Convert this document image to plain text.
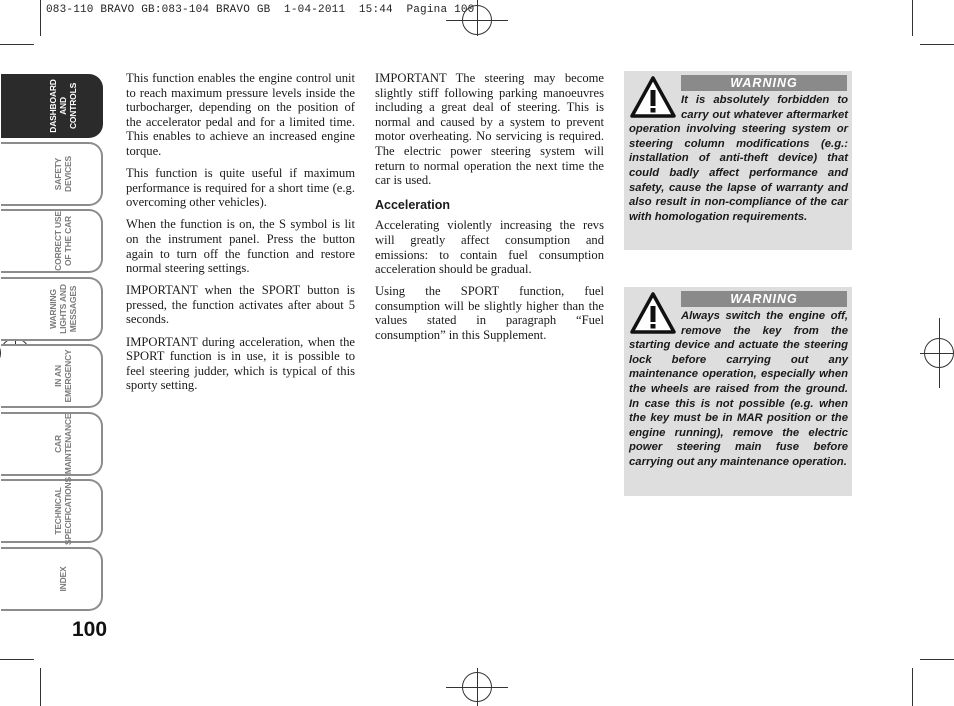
083-110 BRAVO GB:083-104 BRAVO GB  1-04-2011  15:44  Pagina 100
DASHBOARD
AND CONTROLS
SAFETY
DEVICES
CORRECT USE
OF THE CAR
WARNING
LIGHTS AND
MESSAGES
IN AN
EMERGENCY
CAR
MAINTENANCE
TECHNICAL
SPECIFICATIONS
INDEX
100

This function enables the engine control unit to reach maximum pressure levels inside the turbocharger, depending on the position of the accelerator pedal and for a limited time. This enables to achieve an increased engine torque.

This function is quite useful if maximum performance is required for a short time (e.g. overcoming other vehicles).

When the function is on, the S symbol is lit on the instrument panel. Press the button again to turn off the function and restore normal steering settings.

IMPORTANT when the SPORT button is pressed, the function activates after about 5 seconds.

IMPORTANT during acceleration, when the SPORT function is in use, it is possible to feel steering judder, which is typical of this sporty setting.

IMPORTANT The steering may become slightly stiff following parking manoeuvres including a great deal of steering. This is normal and caused by a system to prevent motor overheating. No servicing is required. The electric power steering system will return to normal operation the next time the car is used.

Acceleration

Accelerating violently increasing the revs will greatly affect consumption and emissions: to contain fuel consumption acceleration should be gradual.

Using the SPORT function, fuel consumption will be slightly higher than the values stated in paragraph “Fuel consumption” in this Supplement.

WARNING
It is absolutely forbidden to carry out whatever aftermarket operation involving steering system or steering column modifications (e.g.: installation of anti-theft device) that could badly affect performance and safety, cause the lapse of warranty and also result in non-compliance of the car with homologation requirements.
WARNING
Always switch the engine off, remove the key from the starting device and actuate the steering lock before carrying out any maintenance operation, especially when the wheels are raised from the ground. In case this is not possible (e.g. when the key must be in MAR position or the engine running), remove the electric power steering main fuse before carrying out any maintenance operation.
